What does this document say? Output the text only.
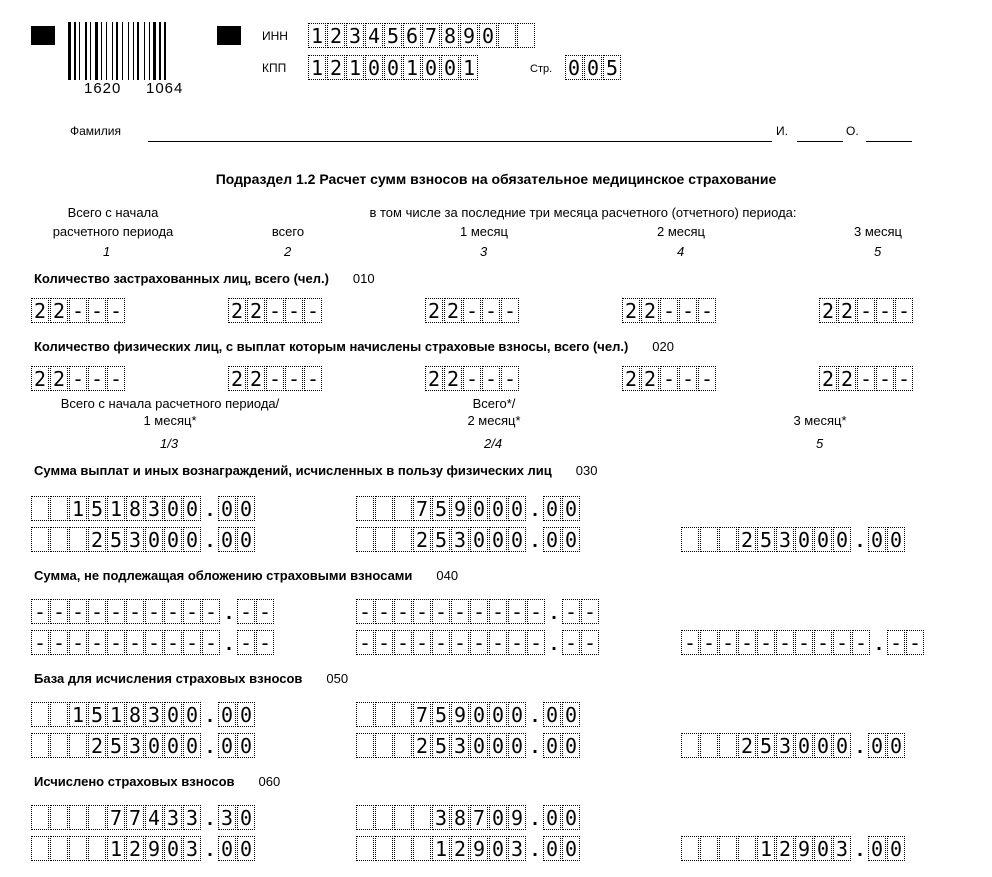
1620 1064
ИНН 1 2 3 4 5 6 7 8 9 0
КПП 1 2 1 0 0 1 0 0 1	Стр. 0 0 5
Фамилия	И.	О.
Подраздел 1.2 Расчет сумм взносов на обязательное медицинское страхование
Всего с начала расчетного периода
в том числе за последние три месяца расчетного (отчетного) периода:
всего	1 месяц	2 месяц	3 месяц
1	2	3	4	5
Количество застрахованных лиц, всего (чел.) 010
2 2 - - -	2 2 - - -	2 2 - - -	2 2 - - -	2 2 - - -
Количество физических лиц, с выплат которым начислены страховые взносы, всего (чел.) 020
2 2 - - -	2 2 - - -	2 2 - - -	2 2 - - -	2 2 - - -
Всего с начала расчетного периода/
1 месяц*
Всего*/
2 месяц*	3 месяц*
1/3	2/4	5
Сумма выплат и иных вознаграждений, исчисленных в пользу физических лиц 030
1 5 1 8 3 0 0 . 0 0	7 5 9 0 0 0 . 0 0
2 5 3 0 0 0 . 0 0	2 5 3 0 0 0 . 0 0	2 5 3 0 0 0 . 0 0
Сумма, не подлежащая обложению страховыми взносами 040
- - - - - - - - - - . - -	- - - - - - - - - - . - -
- - - - - - - - - - . - -	- - - - - - - - - - . - -	- - - - - - - - - - . - -
База для исчисления страховых взносов 050
1 5 1 8 3 0 0 . 0 0	7 5 9 0 0 0 . 0 0
2 5 3 0 0 0 . 0 0	2 5 3 0 0 0 . 0 0	2 5 3 0 0 0 . 0 0
Исчислено страховых взносов 060
7 7 4 3 3 . 3 0	3 8 7 0 9 . 0 0
1 2 9 0 3 . 0 0	1 2 9 0 3 . 0 0	1 2 9 0 3 . 0 0
